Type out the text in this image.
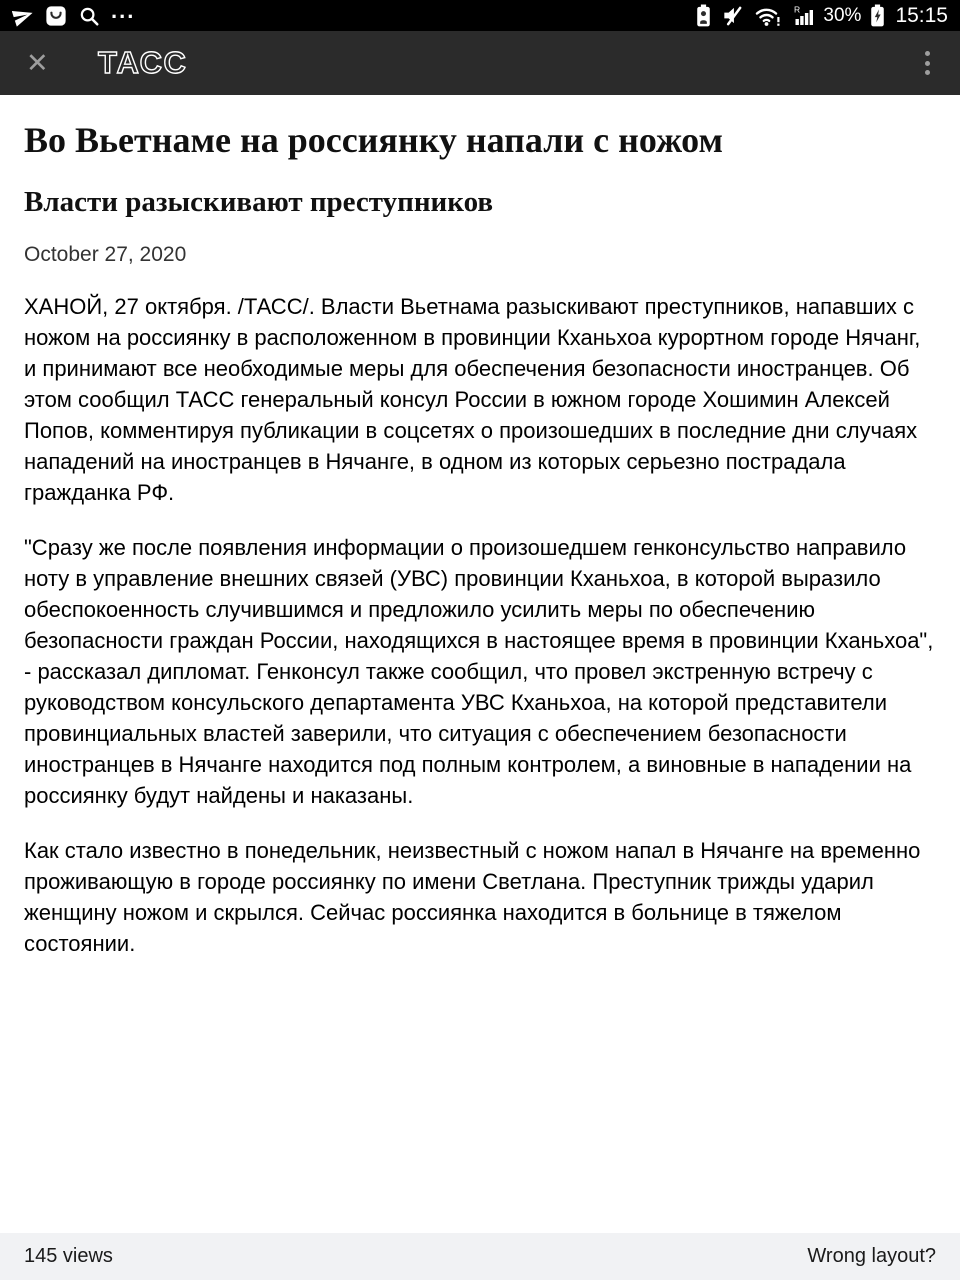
...	R 30% 15:15
✕	ТАСС
Во Вьетнаме на россиянку напали с ножом
Власти разыскивают преступников
October 27, 2020

ХАНОЙ, 27 октября. /ТАСС/. Власти Вьетнама разыскивают преступников, напавших с ножом на россиянку в расположенном в провинции Кханьхоа курортном городе Нячанг, и принимают все необходимые меры для обеспечения безопасности иностранцев. Об этом сообщил ТАСС генеральный консул России в южном городе Хошимин Алексей Попов, комментируя публикации в соцсетях о произошедших в последние дни случаях нападений на иностранцев в Нячанге, в одном из которых серьезно пострадала гражданка РФ.

"Сразу же после появления информации о произошедшем генконсульство направило ноту в управление внешних связей (УВС) провинции Кханьхоа, в которой выразило обеспокоенность случившимся и предложило усилить меры по обеспечению безопасности граждан России, находящихся в настоящее время в провинции Кханьхоа", - рассказал дипломат. Генконсул также сообщил, что провел экстренную встречу с руководством консульского департамента УВС Кханьхоа, на которой представители провинциальных властей заверили, что ситуация с обеспечением безопасности иностранцев в Нячанге находится под полным контролем, а виновные в нападении на россиянку будут найдены и наказаны.

Как стало известно в понедельник, неизвестный с ножом напал в Нячанге на временно проживающую в городе россиянку по имени Светлана. Преступник трижды ударил женщину ножом и скрылся. Сейчас россиянка находится в больнице в тяжелом состоянии.

145 views	Wrong layout?
